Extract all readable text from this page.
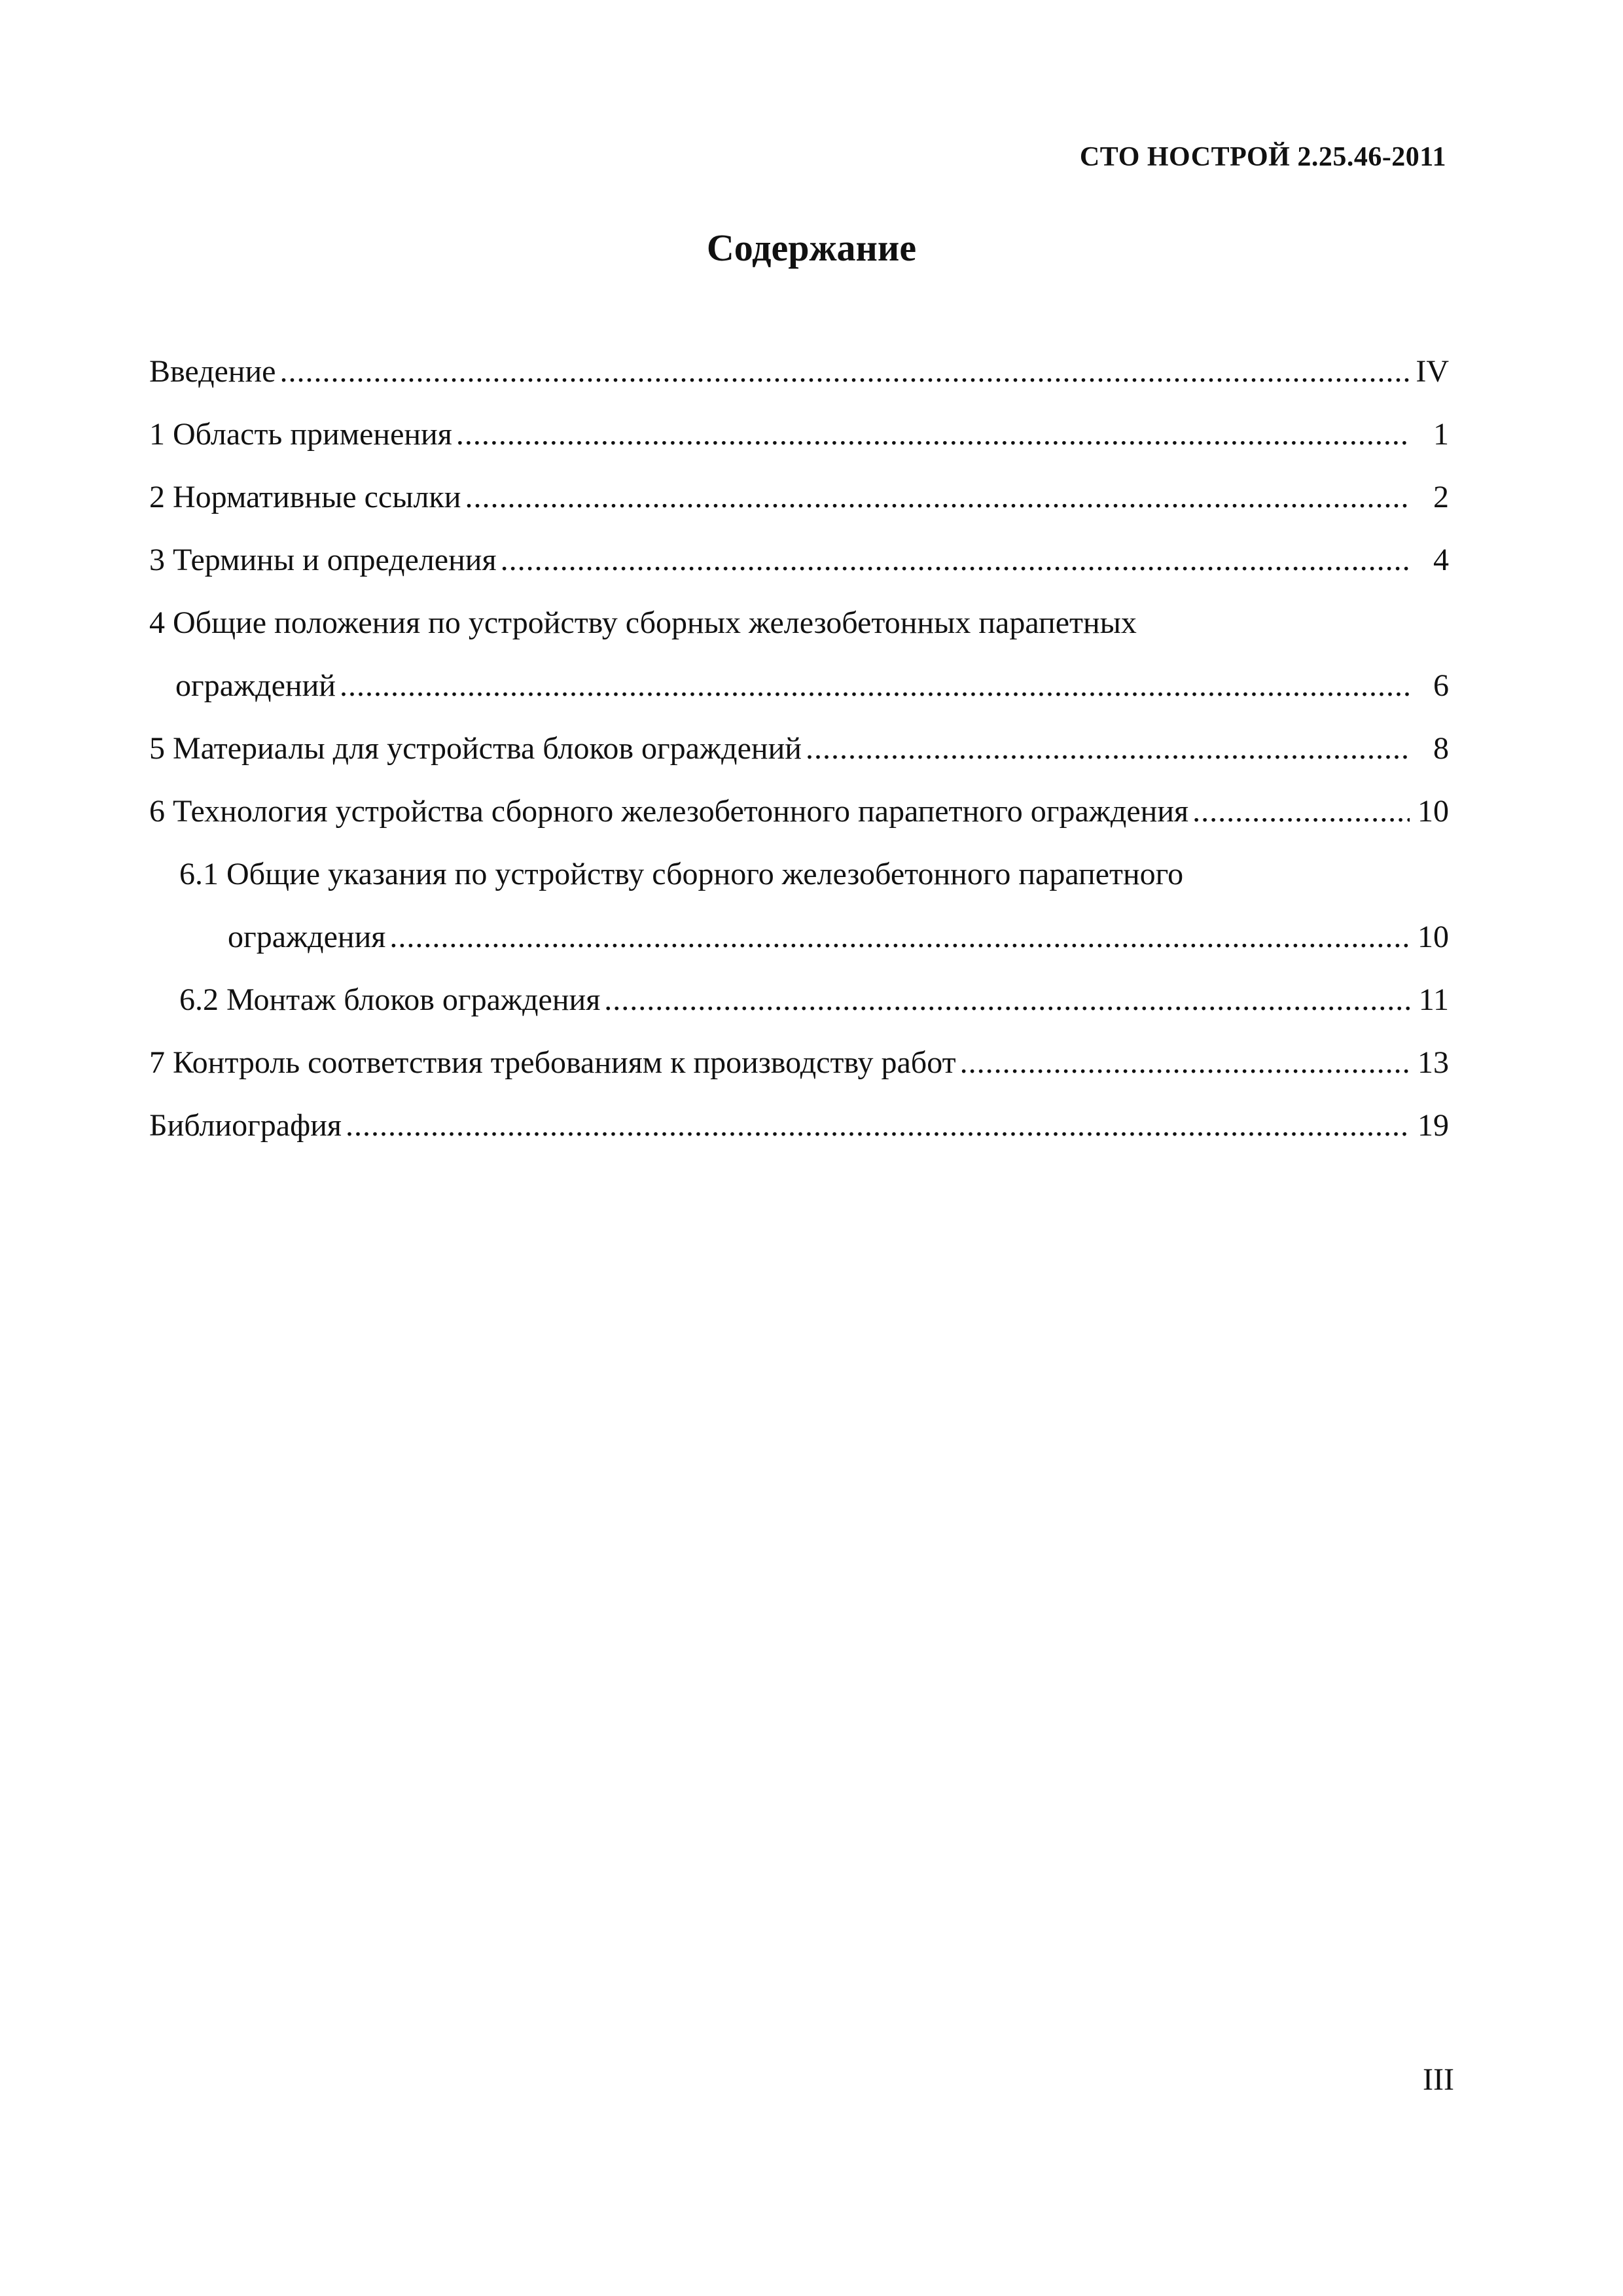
СТО НОСТРОЙ 2.25.46-2011
Содержание
Введение .....	IV
1 Область применения .....	1
2 Нормативные ссылки .....	2
3 Термины и определения .....	4
4 Общие положения по устройству сборных железобетонных парапетных
ограждений .....	6
5 Материалы для устройства блоков ограждений .....	8
6 Технология устройства сборного железобетонного парапетного ограждения .....	10
6.1 Общие указания по устройству сборного железобетонного парапетного
ограждения .....	10
6.2 Монтаж блоков ограждения .....	11
7 Контроль соответствия требованиям к производству работ .....	13
Библиография .....	19
III
